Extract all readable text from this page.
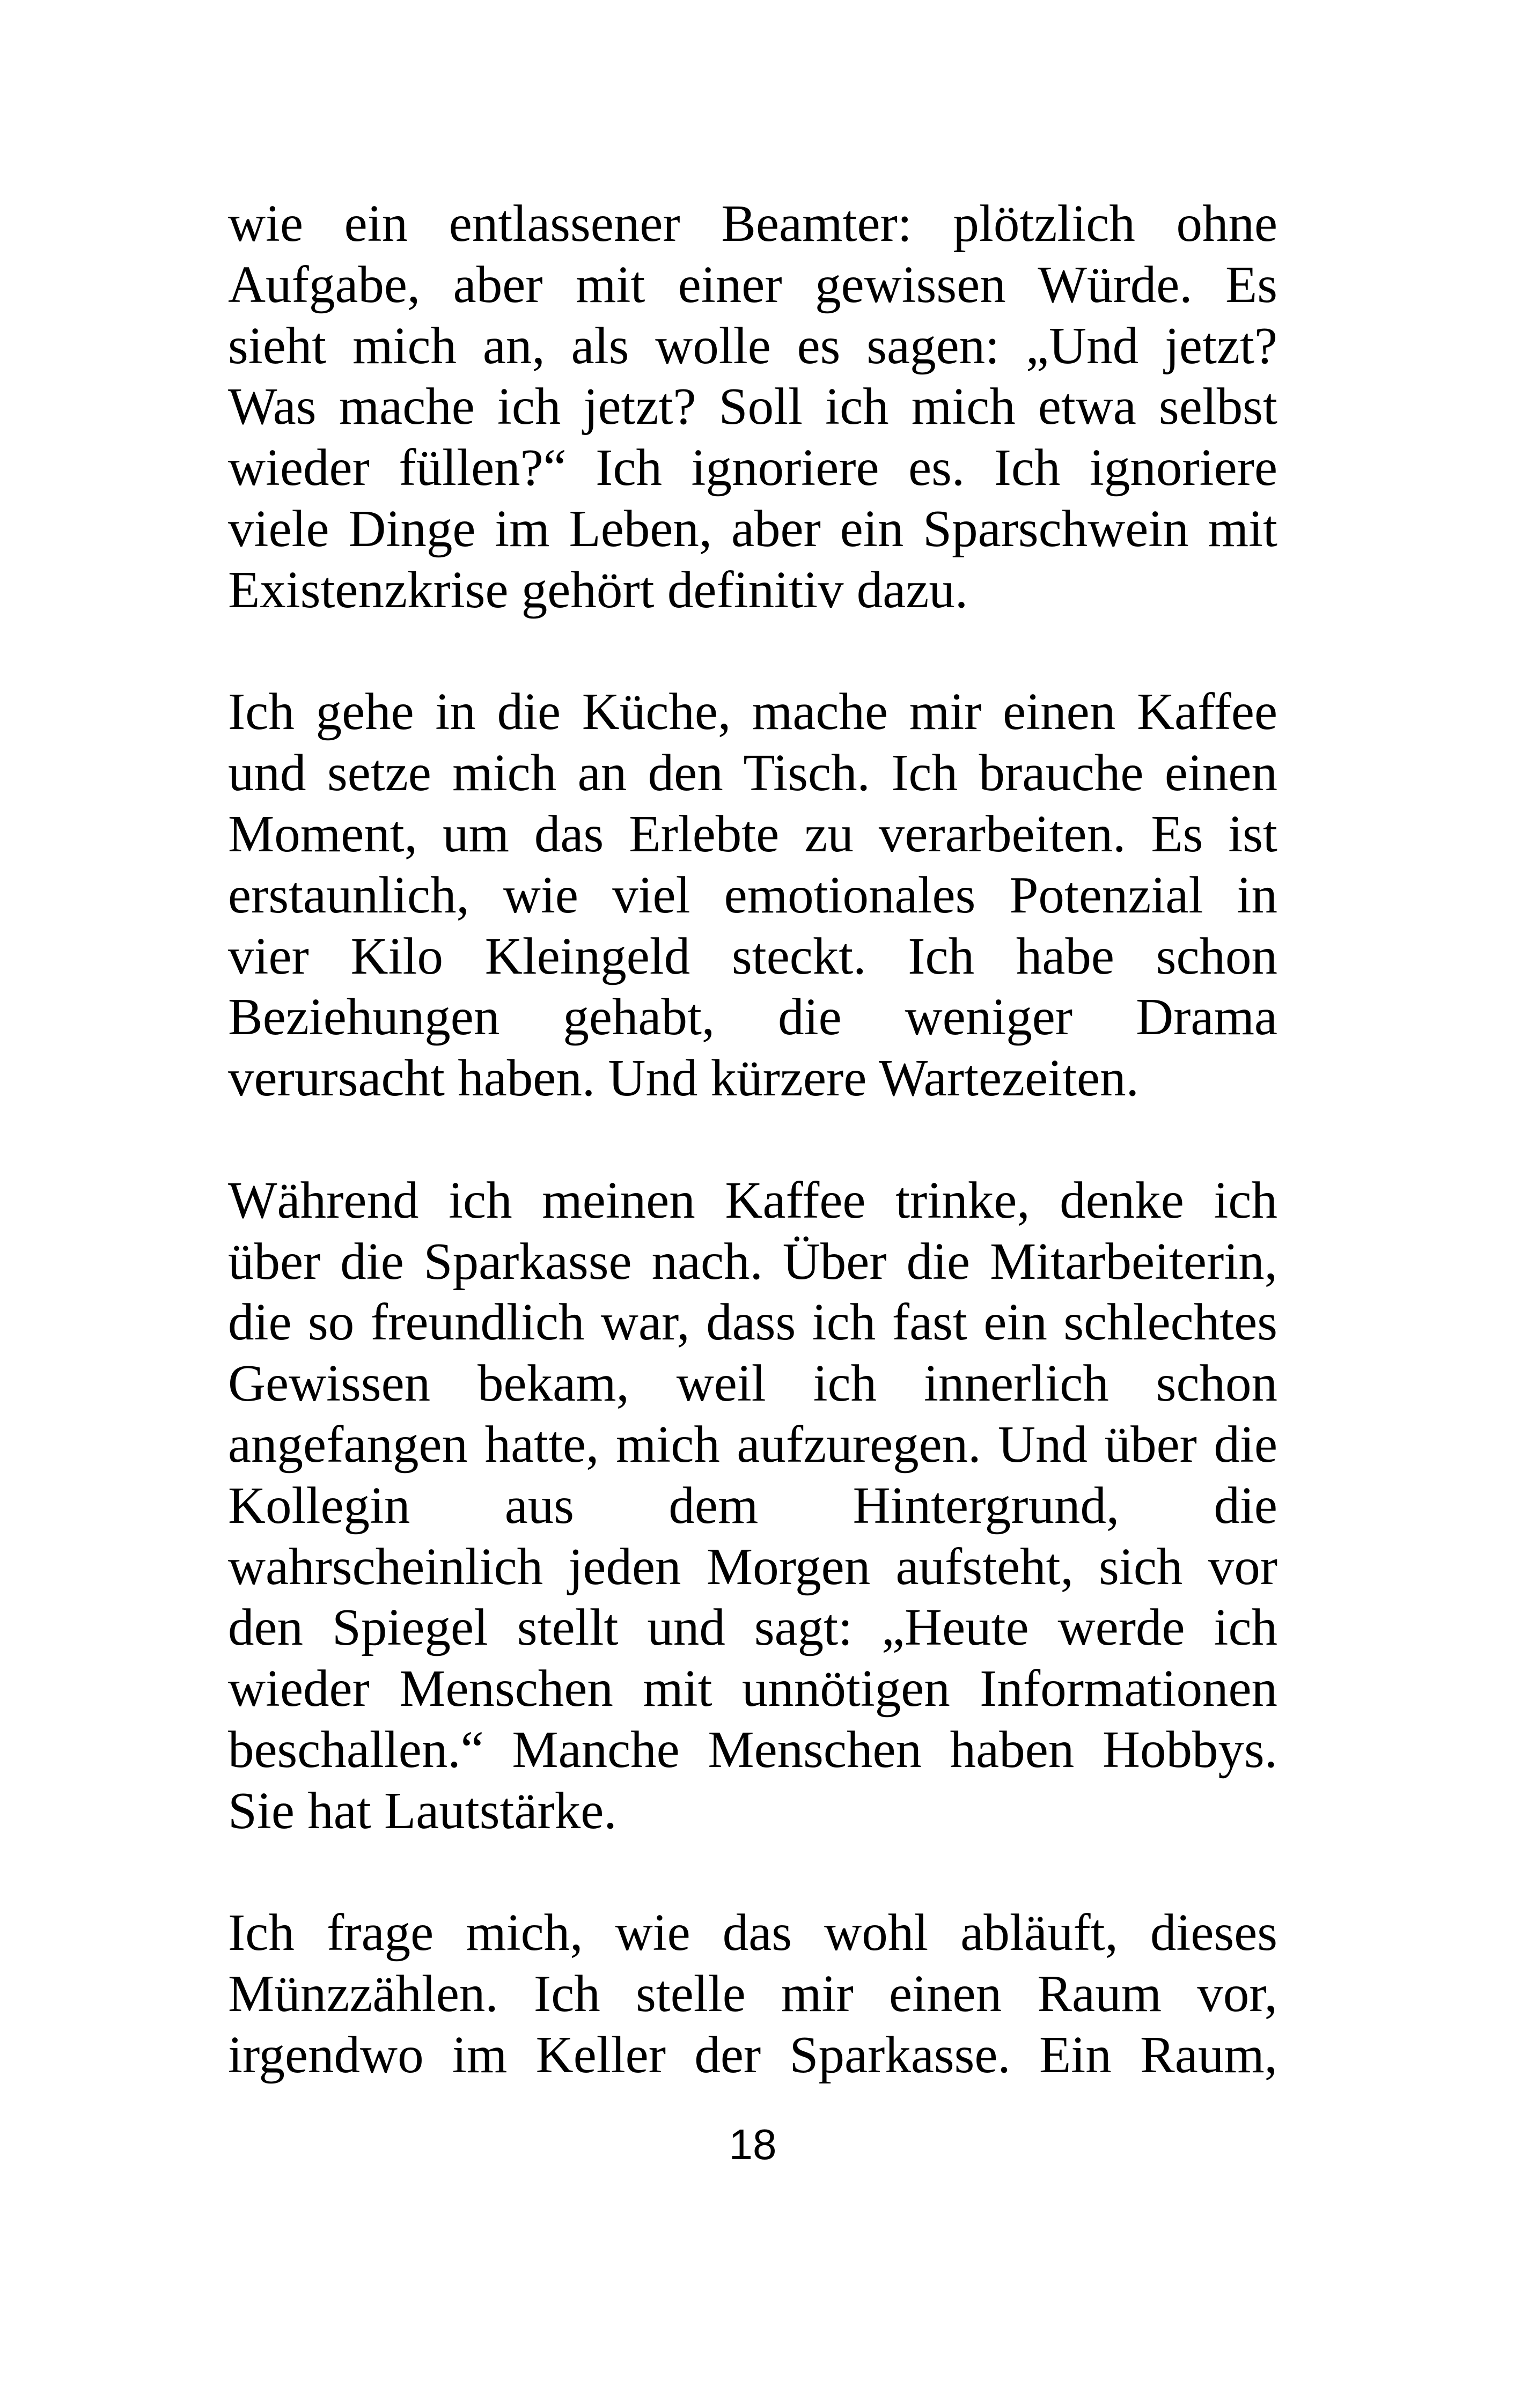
wie ein entlassener Beamter: plötzlich ohne
Aufgabe, aber mit einer gewissen Würde. Es
sieht mich an, als wolle es sagen: „Und jetzt?
Was mache ich jetzt? Soll ich mich etwa selbst
wieder füllen?“ Ich ignoriere es. Ich ignoriere
viele Dinge im Leben, aber ein Sparschwein mit
Existenzkrise gehört definitiv dazu.
Ich gehe in die Küche, mache mir einen Kaffee
und setze mich an den Tisch. Ich brauche einen
Moment, um das Erlebte zu verarbeiten. Es ist
erstaunlich, wie viel emotionales Potenzial in
vier Kilo Kleingeld steckt. Ich habe schon
Beziehungen gehabt, die weniger Drama
verursacht haben. Und kürzere Wartezeiten.
Während ich meinen Kaffee trinke, denke ich
über die Sparkasse nach. Über die Mitarbeiterin,
die so freundlich war, dass ich fast ein schlechtes
Gewissen bekam, weil ich innerlich schon
angefangen hatte, mich aufzuregen. Und über die
Kollegin aus dem Hintergrund, die
wahrscheinlich jeden Morgen aufsteht, sich vor
den Spiegel stellt und sagt: „Heute werde ich
wieder Menschen mit unnötigen Informationen
beschallen.“ Manche Menschen haben Hobbys.
Sie hat Lautstärke.
Ich frage mich, wie das wohl abläuft, dieses
Münzzählen. Ich stelle mir einen Raum vor,
irgendwo im Keller der Sparkasse. Ein Raum,
18
